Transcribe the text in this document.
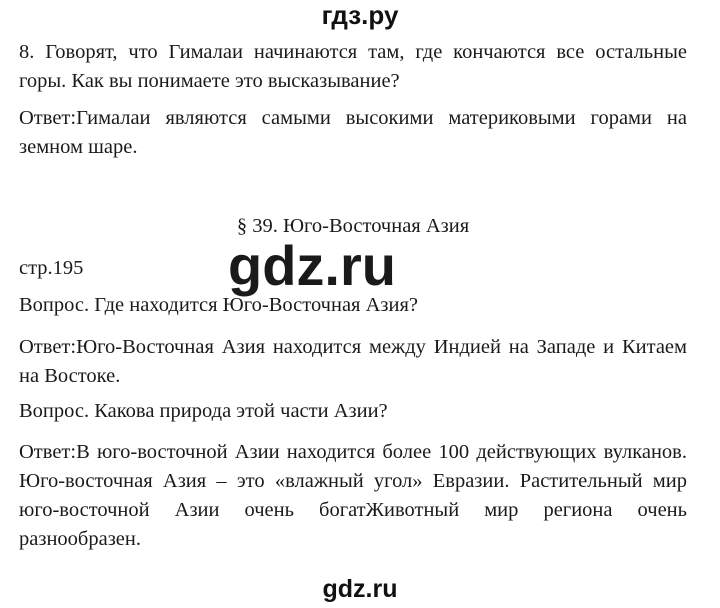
гдз.ру
8. Говорят, что Гималаи начинаются там, где кончаются все остальные горы. Как вы понимаете это высказывание?
Ответ:Гималаи являются самыми высокими материковыми горами на земном шаре.
§ 39. Юго-Восточная Азия
стр.195	gdz.ru
Вопрос. Где находится Юго-Восточная Азия?
Ответ:Юго-Восточная Азия находится между Индией на Западе и Китаем на Востоке.
Вопрос. Какова природа этой части Азии?
Ответ:В юго-восточной Азии находится более 100 действующих вулканов. Юго-восточная Азия – это «влажный угол» Евразии. Растительный мир юго-восточной Азии очень богатЖивотный мир региона очень разнообразен.
gdz.ru
